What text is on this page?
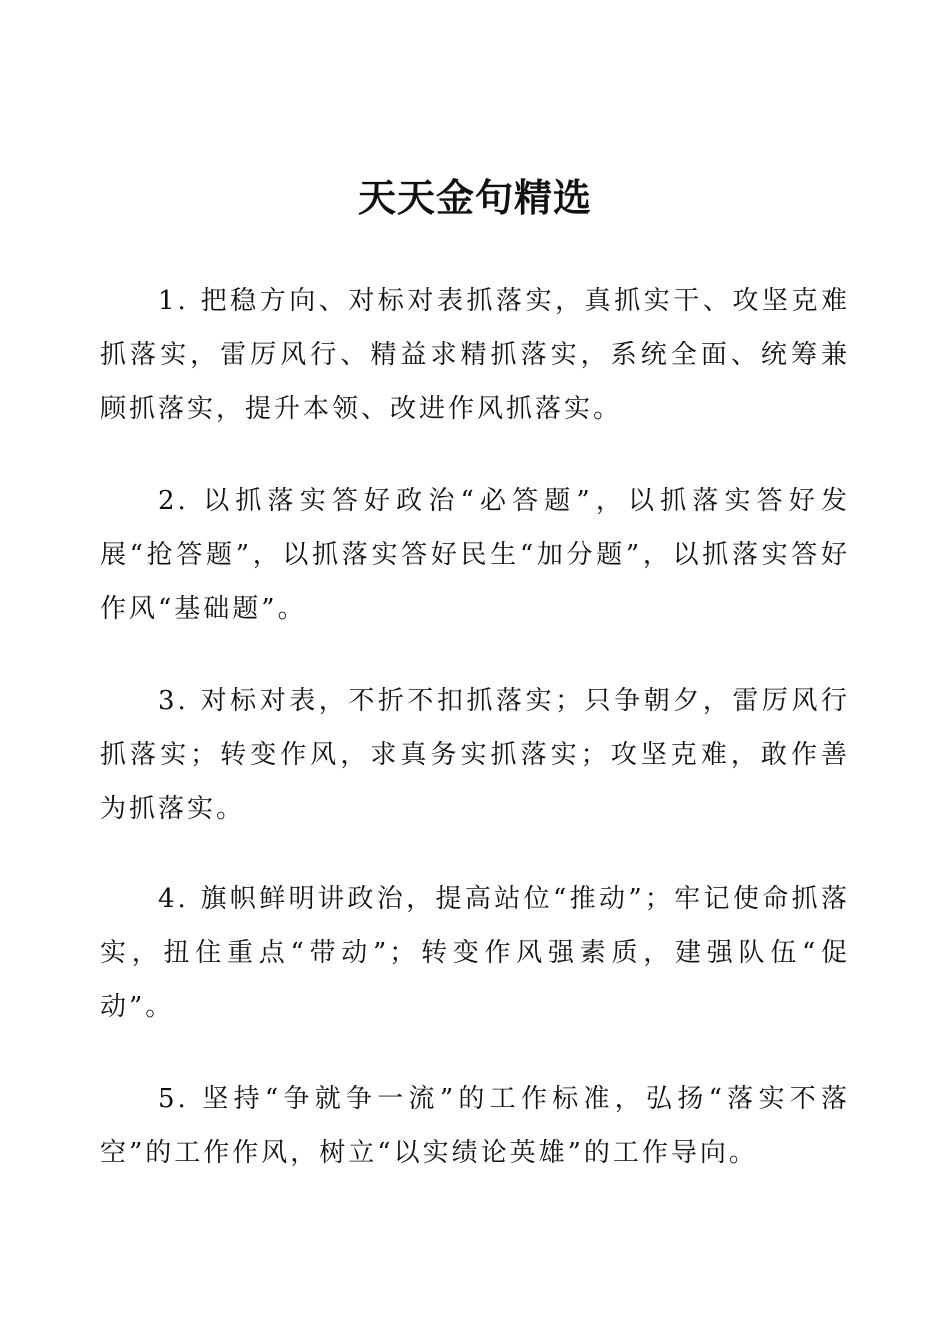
天天金句精选

1. 把稳方向、对标对表抓落实，真抓实干、攻坚克难抓落实，雷厉风行、精益求精抓落实，系统全面、统筹兼顾抓落实，提升本领、改进作风抓落实。

2. 以抓落实答好政治“必答题”，以抓落实答好发展“抢答题”，以抓落实答好民生“加分题”，以抓落实答好作风“基础题”。

3. 对标对表，不折不扣抓落实；只争朝夕，雷厉风行抓落实；转变作风，求真务实抓落实；攻坚克难，敢作善为抓落实。

4. 旗帜鲜明讲政治，提高站位“推动”；牢记使命抓落实，扭住重点“带动”；转变作风强素质，建强队伍“促动”。

5. 坚持“争就争一流”的工作标准，弘扬“落实不落空”的工作作风，树立“以实绩论英雄”的工作导向。
